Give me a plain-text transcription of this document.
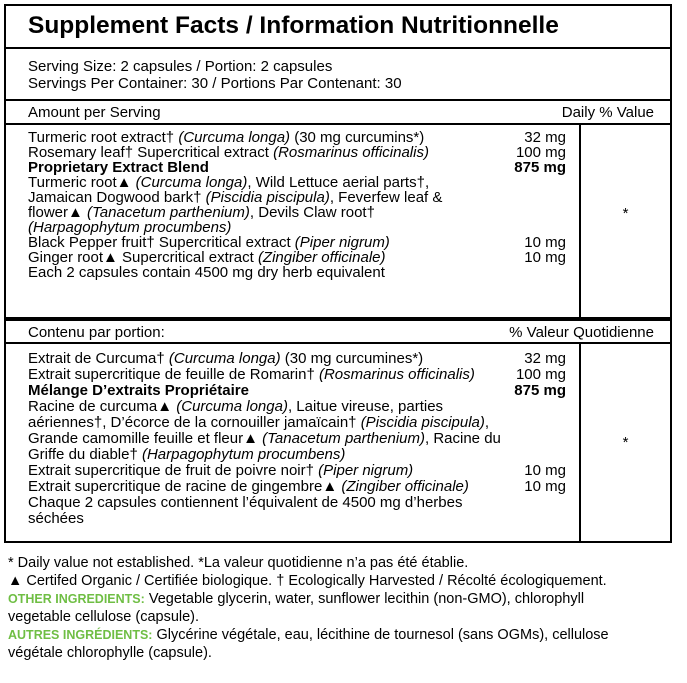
Supplement Facts / Information Nutritionnelle
Serving Size: 2 capsules / Portion: 2 capsules
Servings Per Container: 30 / Portions Par Contenant: 30
Amount per Serving	Daily % Value
Turmeric root extract† (Curcuma longa) (30 mg curcumins*)	32 mg
Rosemary leaf† Supercritical extract (Rosmarinus officinalis)	100 mg
Proprietary Extract Blend	875 mg
Turmeric root▲ (Curcuma longa), Wild Lettuce aerial parts†,
Jamaican Dogwood bark† (Piscidia piscipula), Feverfew leaf &
flower▲ (Tanacetum parthenium), Devils Claw root†
(Harpagophytum procumbens)
Black Pepper fruit† Supercritical extract (Piper nigrum)	10 mg
Ginger root▲ Supercritical extract (Zingiber officinale)	10 mg
Each 2 capsules contain 4500 mg dry herb equivalent
*
Contenu par portion:	% Valeur Quotidienne
Extrait de Curcuma† (Curcuma longa) (30 mg curcumines*)	32 mg
Extrait supercritique de feuille de Romarin† (Rosmarinus officinalis)	100 mg
Mélange D’extraits Propriétaire	875 mg
Racine de curcuma▲ (Curcuma longa), Laitue vireuse, parties
aériennes†, D’écorce de la cornouiller jamaïcain† (Piscidia piscipula),
Grande camomille feuille et fleur▲ (Tanacetum parthenium), Racine du
Griffe du diable† (Harpagophytum procumbens)
Extrait supercritique de fruit de poivre noir† (Piper nigrum)	10 mg
Extrait supercritique de racine de gingembre▲ (Zingiber officinale)	10 mg
Chaque 2 capsules contiennent l’équivalent de 4500 mg d’herbes
séchées
*
* Daily value not established. *La valeur quotidienne n’a pas été établie.
▲ Certifed Organic / Certifiée biologique. † Ecologically Harvested / Récolté écologiquement.
OTHER INGREDIENTS: Vegetable glycerin, water, sunflower lecithin (non-GMO), chlorophyll
vegetable cellulose (capsule).
AUTRES INGRÉDIENTS: Glycérine végétale, eau, lécithine de tournesol (sans OGMs), cellulose
végétale chlorophylle (capsule).
